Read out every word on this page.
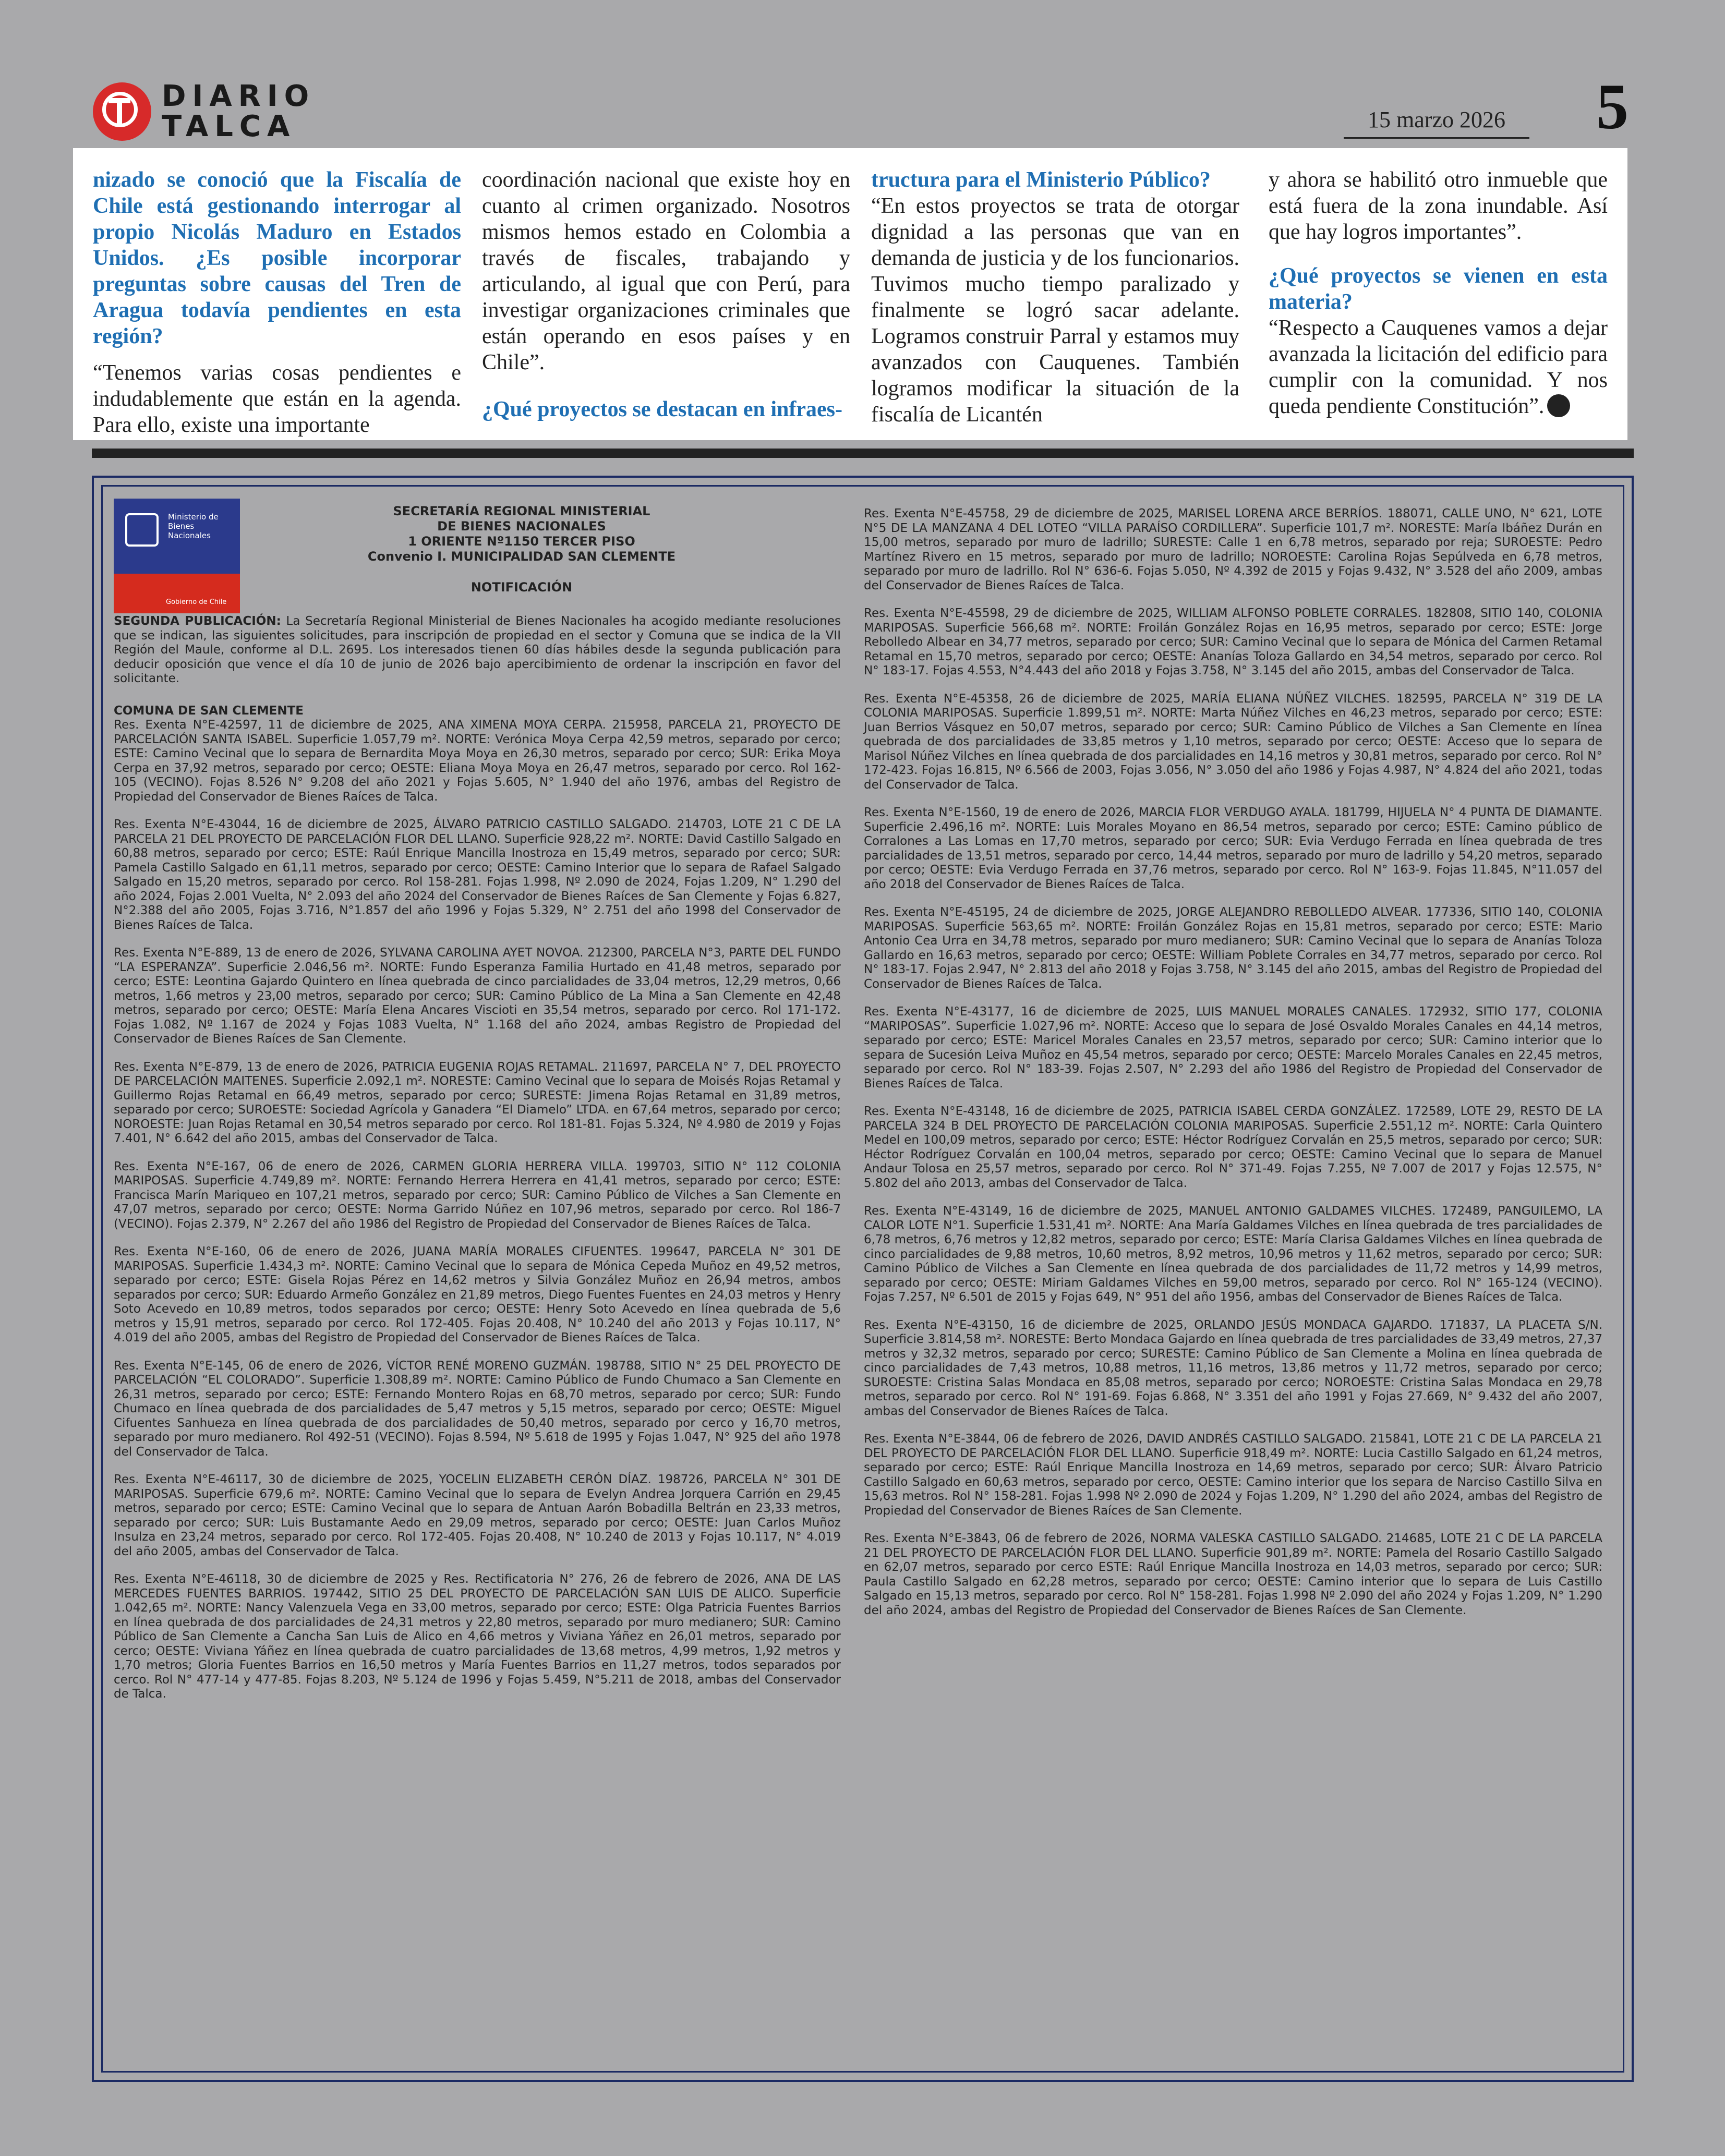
DIARIO
TALCA	15 marzo 2026	5

nizado se conoció que la Fiscalía de Chile está gestionando interrogar al propio Nicolás Maduro en Estados Unidos. ¿Es posible incorporar preguntas sobre causas del Tren de Aragua todavía pendientes en esta región?

“Tenemos varias cosas pendientes e indudablemente que están en la agenda. Para ello, existe una importante

coordinación nacional que existe hoy en cuanto al crimen organizado. Nosotros mismos hemos estado en Colombia a través de fiscales, trabajando y articulando, al igual que con Perú, para investigar organizaciones criminales que están operando en esos países y en Chile”.

¿Qué proyectos se destacan en infraes-

tructura para el Ministerio Público?

“En estos proyectos se trata de otorgar dignidad a las personas que van en demanda de justicia y de los funcionarios. Tuvimos mucho tiempo paralizado y finalmente se logró sacar adelante. Logramos construir Parral y estamos muy avanzados con Cauquenes. También logramos modificar la situación de la fiscalía de Licantén

y ahora se habilitó otro inmueble que está fuera de la zona inundable. Así que hay logros importantes”.

¿Qué proyectos se vienen en esta materia?

“Respecto a Cauquenes vamos a dejar avanzada la licitación del edificio para cumplir con la comunidad. Y nos queda pendiente Constitución”.

Ministerio de Bienes Nacionales
Gobierno de Chile
SECRETARÍA REGIONAL MINISTERIAL
DE BIENES NACIONALES
1 ORIENTE Nº1150 TERCER PISO
Convenio I. MUNICIPALIDAD SAN CLEMENTE
NOTIFICACIÓN

SEGUNDA PUBLICACIÓN: La Secretaría Regional Ministerial de Bienes Nacionales ha acogido mediante resoluciones que se indican, las siguientes solicitudes, para inscripción de propiedad en el sector y Comuna que se indica de la VII Región del Maule, conforme al D.L. 2695. Los interesados tienen 60 días hábiles desde la segunda publicación para deducir oposición que vence el día 10 de junio de 2026 bajo apercibimiento de ordenar la inscripción en favor del solicitante.

COMUNA DE SAN CLEMENTE

Res. Exenta N°E-42597, 11 de diciembre de 2025, ANA XIMENA MOYA CERPA. 215958, PARCELA 21, PROYECTO DE PARCELACIÓN SANTA ISABEL. Superficie 1.057,79 m². NORTE: Verónica Moya Cerpa 42,59 metros, separado por cerco; ESTE: Camino Vecinal que lo separa de Bernardita Moya Moya en 26,30 metros, separado por cerco; SUR: Erika Moya Cerpa en 37,92 metros, separado por cerco; OESTE: Eliana Moya Moya en 26,47 metros, separado por cerco. Rol 162-105 (VECINO). Fojas 8.526 N° 9.208 del año 2021 y Fojas 5.605, N° 1.940 del año 1976, ambas del Registro de Propiedad del Conservador de Bienes Raíces de Talca.

Res. Exenta N°E-43044, 16 de diciembre de 2025, ÁLVARO PATRICIO CASTILLO SALGADO. 214703, LOTE 21 C DE LA PARCELA 21 DEL PROYECTO DE PARCELACIÓN FLOR DEL LLANO. Superficie 928,22 m². NORTE: David Castillo Salgado en 60,88 metros, separado por cerco; ESTE: Raúl Enrique Mancilla Inostroza en 15,49 metros, separado por cerco; SUR: Pamela Castillo Salgado en 61,11 metros, separado por cerco; OESTE: Camino Interior que lo separa de Rafael Salgado Salgado en 15,20 metros, separado por cerco. Rol 158-281. Fojas 1.998, Nº 2.090 de 2024, Fojas 1.209, N° 1.290 del año 2024, Fojas 2.001 Vuelta, N° 2.093 del año 2024 del Conservador de Bienes Raíces de San Clemente y Fojas 6.827, N°2.388 del año 2005, Fojas 3.716, N°1.857 del año 1996 y Fojas 5.329, N° 2.751 del año 1998 del Conservador de Bienes Raíces de Talca.

Res. Exenta N°E-889, 13 de enero de 2026, SYLVANA CAROLINA AYET NOVOA. 212300, PARCELA N°3, PARTE DEL FUNDO “LA ESPERANZA”. Superficie 2.046,56 m². NORTE: Fundo Esperanza Familia Hurtado en 41,48 metros, separado por cerco; ESTE: Leontina Gajardo Quintero en línea quebrada de cinco parcialidades de 33,04 metros, 12,29 metros, 0,66 metros, 1,66 metros y 23,00 metros, separado por cerco; SUR: Camino Público de La Mina a San Clemente en 42,48 metros, separado por cerco; OESTE: María Elena Ancares Viscioti en 35,54 metros, separado por cerco. Rol 171-172. Fojas 1.082, Nº 1.167 de 2024 y Fojas 1083 Vuelta, N° 1.168 del año 2024, ambas Registro de Propiedad del Conservador de Bienes Raíces de San Clemente.

Res. Exenta N°E-879, 13 de enero de 2026, PATRICIA EUGENIA ROJAS RETAMAL. 211697, PARCELA N° 7, DEL PROYECTO DE PARCELACIÓN MAITENES. Superficie 2.092,1 m². NORESTE: Camino Vecinal que lo separa de Moisés Rojas Retamal y Guillermo Rojas Retamal en 66,49 metros, separado por cerco; SURESTE: Jimena Rojas Retamal en 31,89 metros, separado por cerco; SUROESTE: Sociedad Agrícola y Ganadera “El Diamelo” LTDA. en 67,64 metros, separado por cerco; NOROESTE: Juan Rojas Retamal en 30,54 metros separado por cerco. Rol 181-81. Fojas 5.324, Nº 4.980 de 2019 y Fojas 7.401, N° 6.642 del año 2015, ambas del Conservador de Talca.

Res. Exenta N°E-167, 06 de enero de 2026, CARMEN GLORIA HERRERA VILLA. 199703, SITIO N° 112 COLONIA MARIPOSAS. Superficie 4.749,89 m². NORTE: Fernando Herrera Herrera en 41,41 metros, separado por cerco; ESTE: Francisca Marín Mariqueo en 107,21 metros, separado por cerco; SUR: Camino Público de Vilches a San Clemente en 47,07 metros, separado por cerco; OESTE: Norma Garrido Núñez en 107,96 metros, separado por cerco. Rol 186-7 (VECINO). Fojas 2.379, N° 2.267 del año 1986 del Registro de Propiedad del Conservador de Bienes Raíces de Talca.

Res. Exenta N°E-160, 06 de enero de 2026, JUANA MARÍA MORALES CIFUENTES. 199647, PARCELA N° 301 DE MARIPOSAS. Superficie 1.434,3 m². NORTE: Camino Vecinal que lo separa de Mónica Cepeda Muñoz en 49,52 metros, separado por cerco; ESTE: Gisela Rojas Pérez en 14,62 metros y Silvia González Muñoz en 26,94 metros, ambos separados por cerco; SUR: Eduardo Armeño González en 21,89 metros, Diego Fuentes Fuentes en 24,03 metros y Henry Soto Acevedo en 10,89 metros, todos separados por cerco; OESTE: Henry Soto Acevedo en línea quebrada de 5,6 metros y 15,91 metros, separado por cerco. Rol 172-405. Fojas 20.408, N° 10.240 del año 2013 y Fojas 10.117, N° 4.019 del año 2005, ambas del Registro de Propiedad del Conservador de Bienes Raíces de Talca.

Res. Exenta N°E-145, 06 de enero de 2026, VÍCTOR RENÉ MORENO GUZMÁN. 198788, SITIO N° 25 DEL PROYECTO DE PARCELACIÓN “EL COLORADO”. Superficie 1.308,89 m². NORTE: Camino Público de Fundo Chumaco a San Clemente en 26,31 metros, separado por cerco; ESTE: Fernando Montero Rojas en 68,70 metros, separado por cerco; SUR: Fundo Chumaco en línea quebrada de dos parcialidades de 5,47 metros y 5,15 metros, separado por cerco; OESTE: Miguel Cifuentes Sanhueza en línea quebrada de dos parcialidades de 50,40 metros, separado por cerco y 16,70 metros, separado por muro medianero. Rol 492-51 (VECINO). Fojas 8.594, Nº 5.618 de 1995 y Fojas 1.047, N° 925 del año 1978 del Conservador de Talca.

Res. Exenta N°E-46117, 30 de diciembre de 2025, YOCELIN ELIZABETH CERÓN DÍAZ. 198726, PARCELA N° 301 DE MARIPOSAS. Superficie 679,6 m². NORTE: Camino Vecinal que lo separa de Evelyn Andrea Jorquera Carrión en 29,45 metros, separado por cerco; ESTE: Camino Vecinal que lo separa de Antuan Aarón Bobadilla Beltrán en 23,33 metros, separado por cerco; SUR: Luis Bustamante Aedo en 29,09 metros, separado por cerco; OESTE: Juan Carlos Muñoz Insulza en 23,24 metros, separado por cerco. Rol 172-405. Fojas 20.408, N° 10.240 de 2013 y Fojas 10.117, N° 4.019 del año 2005, ambas del Conservador de Talca.

Res. Exenta N°E-46118, 30 de diciembre de 2025 y Res. Rectificatoria N° 276, 26 de febrero de 2026, ANA DE LAS MERCEDES FUENTES BARRIOS. 197442, SITIO 25 DEL PROYECTO DE PARCELACIÓN SAN LUIS DE ALICO. Superficie 1.042,65 m². NORTE: Nancy Valenzuela Vega en 33,00 metros, separado por cerco; ESTE: Olga Patricia Fuentes Barrios en línea quebrada de dos parcialidades de 24,31 metros y 22,80 metros, separado por muro medianero; SUR: Camino Público de San Clemente a Cancha San Luis de Alico en 4,66 metros y Viviana Yáñez en 26,01 metros, separado por cerco; OESTE: Viviana Yáñez en línea quebrada de cuatro parcialidades de 13,68 metros, 4,99 metros, 1,92 metros y 1,70 metros; Gloria Fuentes Barrios en 16,50 metros y María Fuentes Barrios en 11,27 metros, todos separados por cerco. Rol N° 477-14 y 477-85. Fojas 8.203, Nº 5.124 de 1996 y Fojas 5.459, N°5.211 de 2018, ambas del Conservador de Talca.

Res. Exenta N°E-45758, 29 de diciembre de 2025, MARISEL LORENA ARCE BERRÍOS. 188071, CALLE UNO, N° 621, LOTE N°5 DE LA MANZANA 4 DEL LOTEO “VILLA PARAÍSO CORDILLERA”. Superficie 101,7 m². NORESTE: María Ibáñez Durán en 15,00 metros, separado por muro de ladrillo; SURESTE: Calle 1 en 6,78 metros, separado por reja; SUROESTE: Pedro Martínez Rivero en 15 metros, separado por muro de ladrillo; NOROESTE: Carolina Rojas Sepúlveda en 6,78 metros, separado por muro de ladrillo. Rol N° 636-6. Fojas 5.050, Nº 4.392 de 2015 y Fojas 9.432, N° 3.528 del año 2009, ambas del Conservador de Bienes Raíces de Talca.

Res. Exenta N°E-45598, 29 de diciembre de 2025, WILLIAM ALFONSO POBLETE CORRALES. 182808, SITIO 140, COLONIA MARIPOSAS. Superficie 566,68 m². NORTE: Froilán González Rojas en 16,95 metros, separado por cerco; ESTE: Jorge Rebolledo Albear en 34,77 metros, separado por cerco; SUR: Camino Vecinal que lo separa de Mónica del Carmen Retamal Retamal en 15,70 metros, separado por cerco; OESTE: Ananías Toloza Gallardo en 34,54 metros, separado por cerco. Rol N° 183-17. Fojas 4.553, N°4.443 del año 2018 y Fojas 3.758, N° 3.145 del año 2015, ambas del Conservador de Talca.

Res. Exenta N°E-45358, 26 de diciembre de 2025, MARÍA ELIANA NÚÑEZ VILCHES. 182595, PARCELA N° 319 DE LA COLONIA MARIPOSAS. Superficie 1.899,51 m². NORTE: Marta Núñez Vilches en 46,23 metros, separado por cerco; ESTE: Juan Berrios Vásquez en 50,07 metros, separado por cerco; SUR: Camino Público de Vilches a San Clemente en línea quebrada de dos parcialidades de 33,85 metros y 1,10 metros, separado por cerco; OESTE: Acceso que lo separa de Marisol Núñez Vilches en línea quebrada de dos parcialidades en 14,16 metros y 30,81 metros, separado por cerco. Rol N° 172-423. Fojas 16.815, Nº 6.566 de 2003, Fojas 3.056, N° 3.050 del año 1986 y Fojas 4.987, N° 4.824 del año 2021, todas del Conservador de Talca.

Res. Exenta N°E-1560, 19 de enero de 2026, MARCIA FLOR VERDUGO AYALA. 181799, HIJUELA N° 4 PUNTA DE DIAMANTE. Superficie 2.496,16 m². NORTE: Luis Morales Moyano en 86,54 metros, separado por cerco; ESTE: Camino público de Corralones a Las Lomas en 17,70 metros, separado por cerco; SUR: Evia Verdugo Ferrada en línea quebrada de tres parcialidades de 13,51 metros, separado por cerco, 14,44 metros, separado por muro de ladrillo y 54,20 metros, separado por cerco; OESTE: Evia Verdugo Ferrada en 37,76 metros, separado por cerco. Rol N° 163-9. Fojas 11.845, N°11.057 del año 2018 del Conservador de Bienes Raíces de Talca.

Res. Exenta N°E-45195, 24 de diciembre de 2025, JORGE ALEJANDRO REBOLLEDO ALVEAR. 177336, SITIO 140, COLONIA MARIPOSAS. Superficie 563,65 m². NORTE: Froilán González Rojas en 15,81 metros, separado por cerco; ESTE: Mario Antonio Cea Urra en 34,78 metros, separado por muro medianero; SUR: Camino Vecinal que lo separa de Ananías Toloza Gallardo en 16,63 metros, separado por cerco; OESTE: William Poblete Corrales en 34,77 metros, separado por cerco. Rol N° 183-17. Fojas 2.947, N° 2.813 del año 2018 y Fojas 3.758, N° 3.145 del año 2015, ambas del Registro de Propiedad del Conservador de Bienes Raíces de Talca.

Res. Exenta N°E-43177, 16 de diciembre de 2025, LUIS MANUEL MORALES CANALES. 172932, SITIO 177, COLONIA “MARIPOSAS”. Superficie 1.027,96 m². NORTE: Acceso que lo separa de José Osvaldo Morales Canales en 44,14 metros, separado por cerco; ESTE: Maricel Morales Canales en 23,57 metros, separado por cerco; SUR: Camino interior que lo separa de Sucesión Leiva Muñoz en 45,54 metros, separado por cerco; OESTE: Marcelo Morales Canales en 22,45 metros, separado por cerco. Rol N° 183-39. Fojas 2.507, N° 2.293 del año 1986 del Registro de Propiedad del Conservador de Bienes Raíces de Talca.

Res. Exenta N°E-43148, 16 de diciembre de 2025, PATRICIA ISABEL CERDA GONZÁLEZ. 172589, LOTE 29, RESTO DE LA PARCELA 324 B DEL PROYECTO DE PARCELACIÓN COLONIA MARIPOSAS. Superficie 2.551,12 m². NORTE: Carla Quintero Medel en 100,09 metros, separado por cerco; ESTE: Héctor Rodríguez Corvalán en 25,5 metros, separado por cerco; SUR: Héctor Rodríguez Corvalán en 100,04 metros, separado por cerco; OESTE: Camino Vecinal que lo separa de Manuel Andaur Tolosa en 25,57 metros, separado por cerco. Rol N° 371-49. Fojas 7.255, Nº 7.007 de 2017 y Fojas 12.575, N° 5.802 del año 2013, ambas del Conservador de Talca.

Res. Exenta N°E-43149, 16 de diciembre de 2025, MANUEL ANTONIO GALDAMES VILCHES. 172489, PANGUILEMO, LA CALOR LOTE N°1. Superficie 1.531,41 m². NORTE: Ana María Galdames Vilches en línea quebrada de tres parcialidades de 6,78 metros, 6,76 metros y 12,82 metros, separado por cerco; ESTE: María Clarisa Galdames Vilches en línea quebrada de cinco parcialidades de 9,88 metros, 10,60 metros, 8,92 metros, 10,96 metros y 11,62 metros, separado por cerco; SUR: Camino Público de Vilches a San Clemente en línea quebrada de dos parcialidades de 11,72 metros y 14,99 metros, separado por cerco; OESTE: Miriam Galdames Vilches en 59,00 metros, separado por cerco. Rol N° 165-124 (VECINO). Fojas 7.257, Nº 6.501 de 2015 y Fojas 649, N° 951 del año 1956, ambas del Conservador de Bienes Raíces de Talca.

Res. Exenta N°E-43150, 16 de diciembre de 2025, ORLANDO JESÚS MONDACA GAJARDO. 171837, LA PLACETA S/N. Superficie 3.814,58 m². NORESTE: Berto Mondaca Gajardo en línea quebrada de tres parcialidades de 33,49 metros, 27,37 metros y 32,32 metros, separado por cerco; SURESTE: Camino Público de San Clemente a Molina en línea quebrada de cinco parcialidades de 7,43 metros, 10,88 metros, 11,16 metros, 13,86 metros y 11,72 metros, separado por cerco; SUROESTE: Cristina Salas Mondaca en 85,08 metros, separado por cerco; NOROESTE: Cristina Salas Mondaca en 29,78 metros, separado por cerco. Rol N° 191-69. Fojas 6.868, N° 3.351 del año 1991 y Fojas 27.669, N° 9.432 del año 2007, ambas del Conservador de Bienes Raíces de Talca.

Res. Exenta N°E-3844, 06 de febrero de 2026, DAVID ANDRÉS CASTILLO SALGADO. 215841, LOTE 21 C DE LA PARCELA 21 DEL PROYECTO DE PARCELACIÓN FLOR DEL LLANO. Superficie 918,49 m². NORTE: Lucia Castillo Salgado en 61,24 metros, separado por cerco; ESTE: Raúl Enrique Mancilla Inostroza en 14,69 metros, separado por cerco; SUR: Álvaro Patricio Castillo Salgado en 60,63 metros, separado por cerco, OESTE: Camino interior que los separa de Narciso Castillo Silva en 15,63 metros. Rol N° 158-281. Fojas 1.998 Nº 2.090 de 2024 y Fojas 1.209, N° 1.290 del año 2024, ambas del Registro de Propiedad del Conservador de Bienes Raíces de San Clemente.

Res. Exenta N°E-3843, 06 de febrero de 2026, NORMA VALESKA CASTILLO SALGADO. 214685, LOTE 21 C DE LA PARCELA 21 DEL PROYECTO DE PARCELACIÓN FLOR DEL LLANO. Superficie 901,89 m². NORTE: Pamela del Rosario Castillo Salgado en 62,07 metros, separado por cerco ESTE: Raúl Enrique Mancilla Inostroza en 14,03 metros, separado por cerco; SUR: Paula Castillo Salgado en 62,28 metros, separado por cerco; OESTE: Camino interior que lo separa de Luis Castillo Salgado en 15,13 metros, separado por cerco. Rol N° 158-281. Fojas 1.998 Nº 2.090 del año 2024 y Fojas 1.209, N° 1.290 del año 2024, ambas del Registro de Propiedad del Conservador de Bienes Raíces de San Clemente.
